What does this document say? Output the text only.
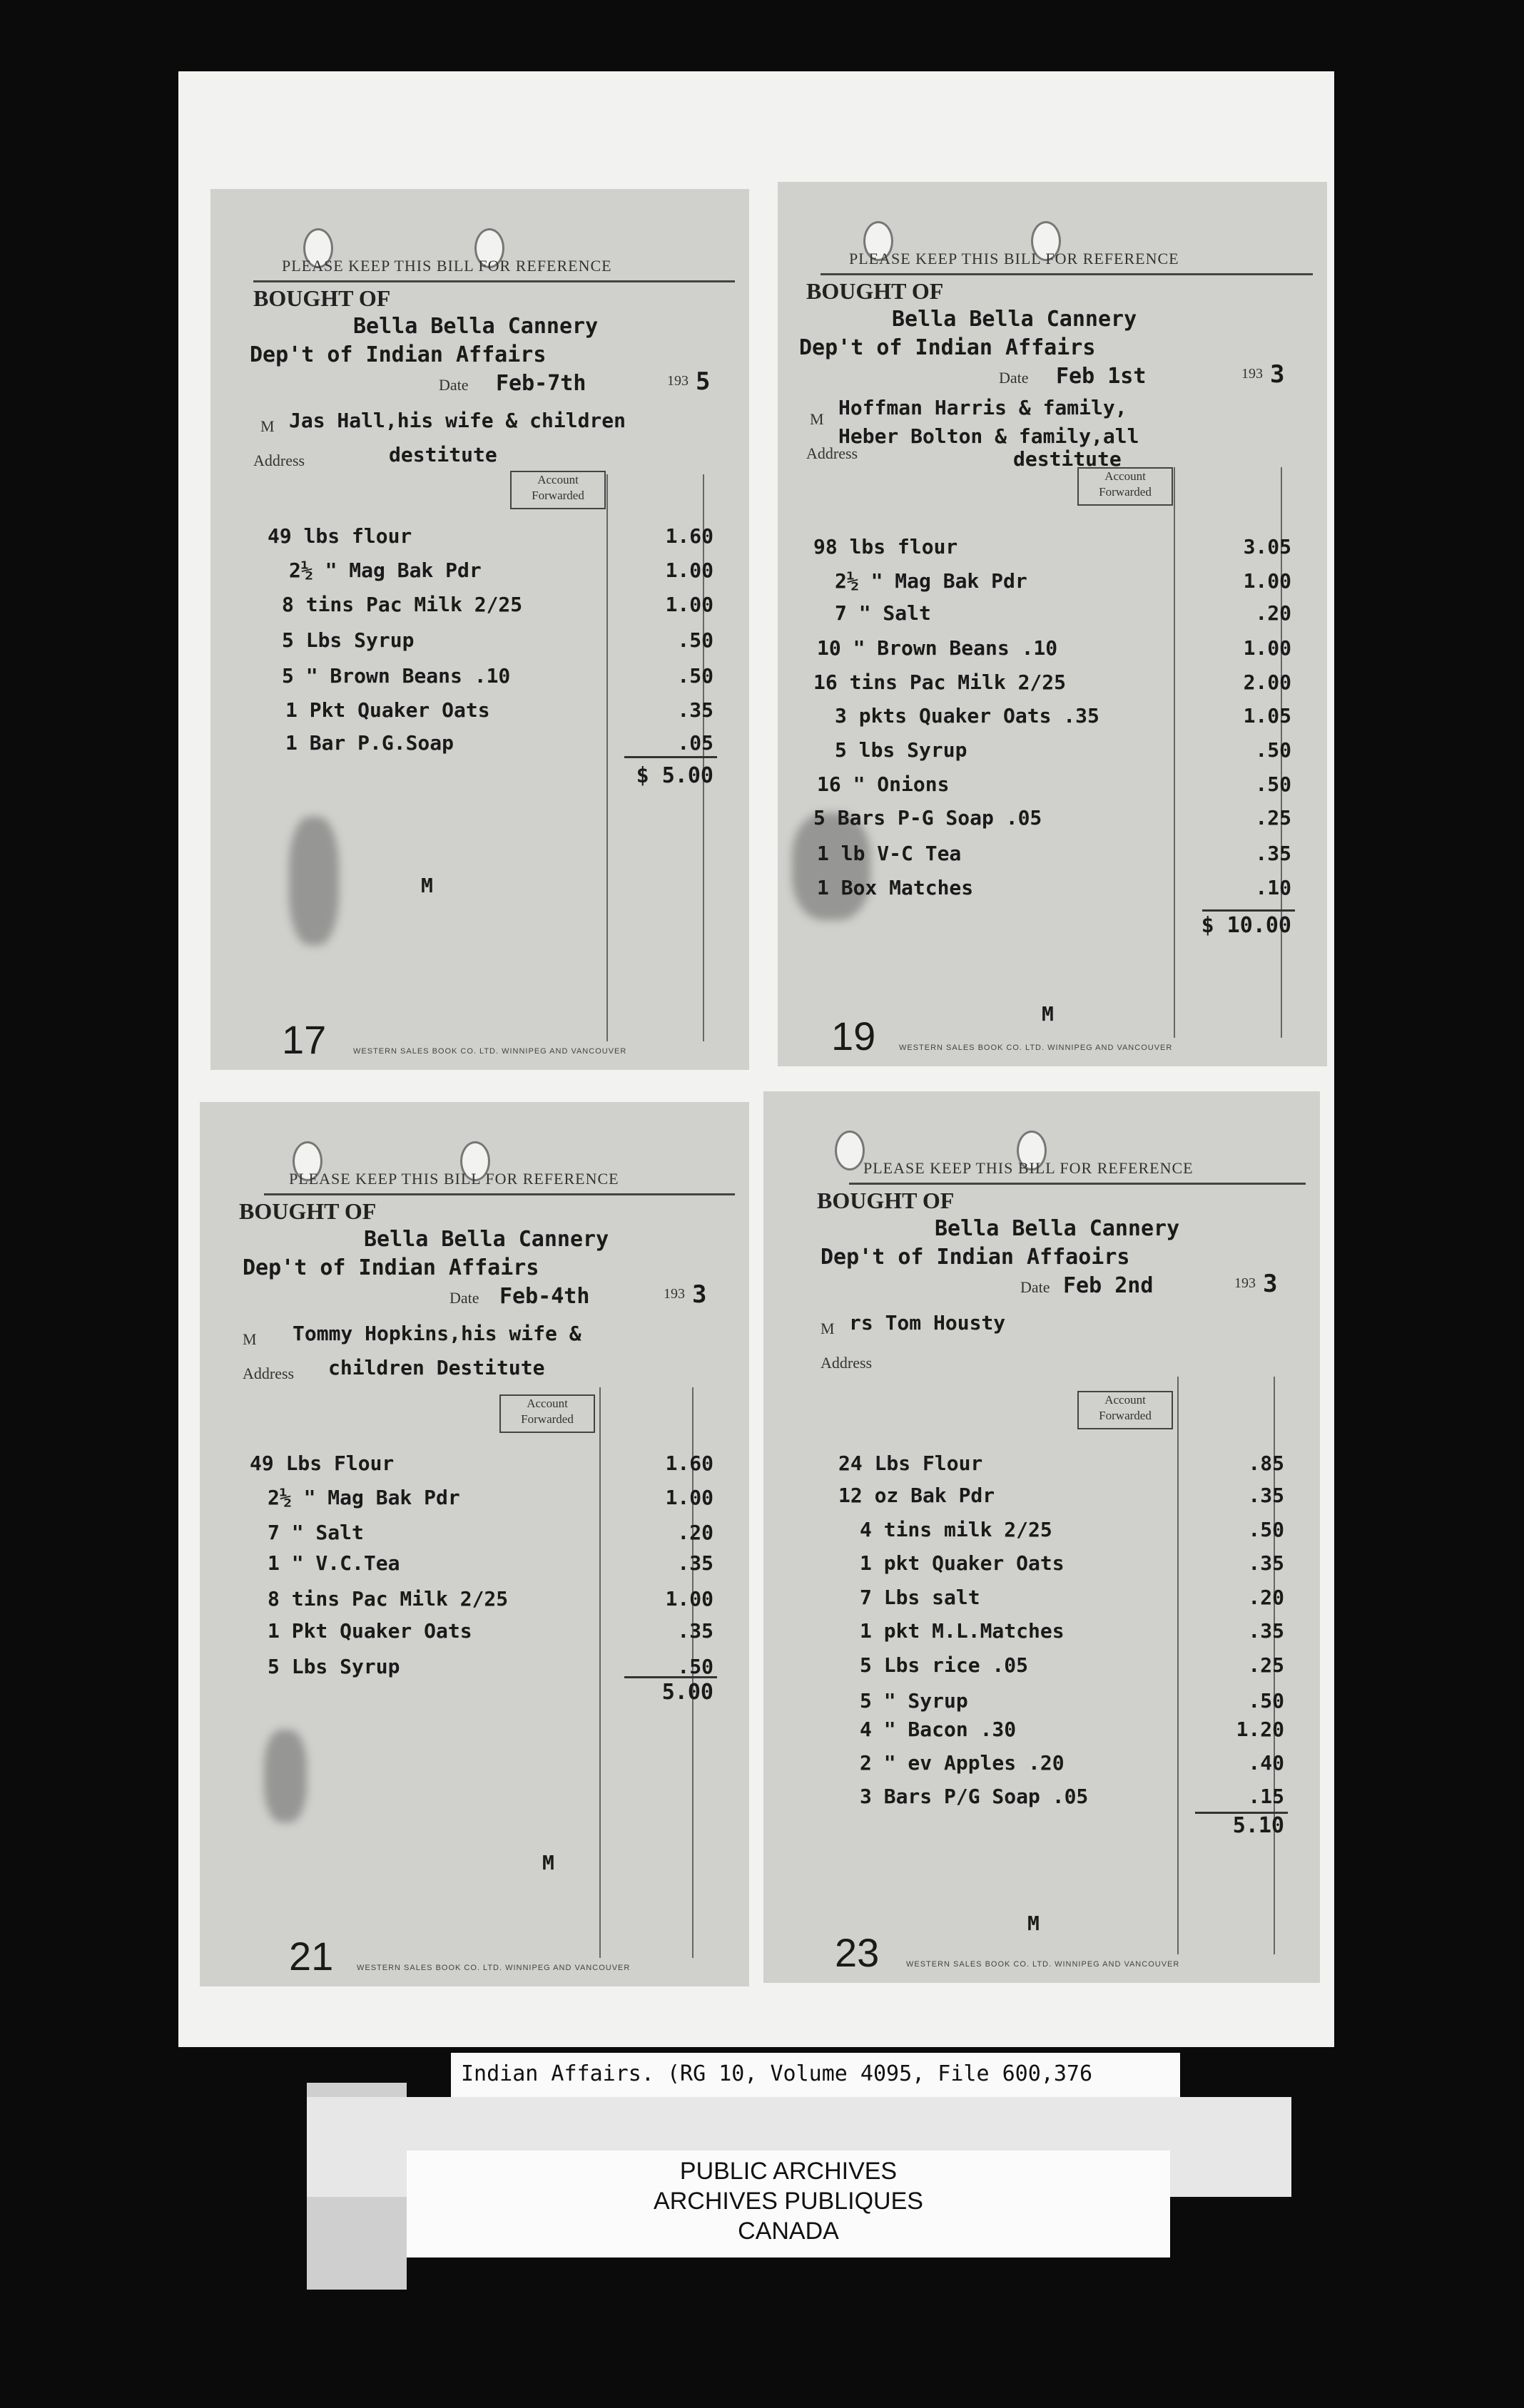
PLEASE KEEP THIS BILL FOR REFERENCE
BOUGHT OF
Bella Bella Cannery
Dep't of Indian Affairs
Date Feb-7th	193 5
M Jas Hall,his wife & children
Address	destitute
Account
Forwarded
49 lbs flour	1.60
2½ " Mag Bak Pdr	1.00
8 tins Pac Milk 2/25	1.00
5 Lbs Syrup	.50
5 " Brown Beans .10	.50
1 Pkt Quaker Oats	.35
1 Bar P.G.Soap	.05
$ 5.00
M
17	WESTERN SALES BOOK CO. LTD. WINNIPEG AND VANCOUVER
PLEASE KEEP THIS BILL FOR REFERENCE
BOUGHT OF
Bella Bella Cannery
Dep't of Indian Affairs
Date Feb 1st	193 3
M Hoffman Harris & family,
Heber Bolton & family,all
Address	destitute
Account
Forwarded
98 lbs flour	3.05
2½ " Mag Bak Pdr	1.00
7 " Salt	.20
10 " Brown Beans .10	1.00
16 tins Pac Milk 2/25	2.00
3 pkts Quaker Oats .35	1.05
5 lbs Syrup	.50
16 " Onions	.50
5 Bars P-G Soap .05	.25
1 lb V-C Tea	.35
1 Box Matches	.10
$ 10.00
M
19	WESTERN SALES BOOK CO. LTD. WINNIPEG AND VANCOUVER
PLEASE KEEP THIS BILL FOR REFERENCE
BOUGHT OF
Bella Bella Cannery
Dep't of Indian Affairs
Date Feb-4th	193 3
M Tommy Hopkins,his wife &
Address children Destitute
Account
Forwarded
49 Lbs Flour	1.60
2½ " Mag Bak Pdr	1.00
7 " Salt	.20
1 " V.C.Tea	.35
8 tins Pac Milk 2/25	1.00
1 Pkt Quaker Oats	.35
5 Lbs Syrup	.50
5.00
M
21	WESTERN SALES BOOK CO. LTD. WINNIPEG AND VANCOUVER
PLEASE KEEP THIS BILL FOR REFERENCE
BOUGHT OF
Bella Bella Cannery
Dep't of Indian Affaoirs
Date Feb 2nd	193 3
M rs Tom Housty
Address
Account
Forwarded
24 Lbs Flour	.85
12 oz Bak Pdr	.35
4 tins milk 2/25	.50
1 pkt Quaker Oats	.35
7 Lbs salt	.20
1 pkt M.L.Matches	.35
5 Lbs rice .05	.25
5 " Syrup	.50
4 " Bacon .30	1.20
2 " ev Apples .20	.40
3 Bars P/G Soap .05	.15
5.10
M
23	WESTERN SALES BOOK CO. LTD. WINNIPEG AND VANCOUVER
Indian Affairs. (RG 10, Volume 4095, File 600,376
PUBLIC ARCHIVES
ARCHIVES PUBLIQUES
CANADA
